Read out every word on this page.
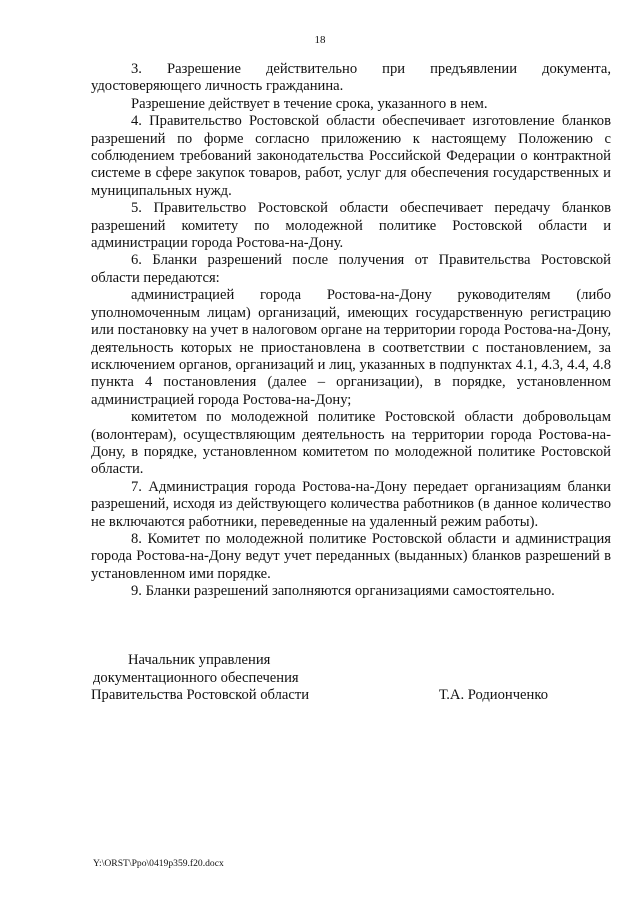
18

3. Разрешение действительно при предъявлении документа, удостоверяющего личность гражданина.

Разрешение действует в течение срока, указанного в нем.

4. Правительство Ростовской области обеспечивает изготовление бланков разрешений по форме согласно приложению к настоящему Положению с соблюдением требований законодательства Российской Федерации о контрактной системе в сфере закупок товаров, работ, услуг для обеспечения государственных и муниципальных нужд.

5. Правительство Ростовской области обеспечивает передачу бланков разрешений комитету по молодежной политике Ростовской области и администрации города Ростова-на-Дону.

6. Бланки разрешений после получения от Правительства Ростовской области передаются:

администрацией города Ростова-на-Дону руководителям (либо уполномоченным лицам) организаций, имеющих государственную регистрацию или постановку на учет в налоговом органе на территории города Ростова-на-Дону, деятельность которых не приостановлена в соответствии с постановлением, за исключением органов, организаций и лиц, указанных в подпунктах 4.1, 4.3, 4.4, 4.8 пункта 4 постановления (далее – организации), в порядке, установленном администрацией города Ростова-на-Дону;

комитетом по молодежной политике Ростовской области добровольцам (волонтерам), осуществляющим деятельность на территории города Ростова-на-Дону, в порядке, установленном комитетом по молодежной политике Ростовской области.

7. Администрация города Ростова-на-Дону передает организациям бланки разрешений, исходя из действующего количества работников (в данное количество не включаются работники, переведенные на удаленный режим работы).

8. Комитет по молодежной политике Ростовской области и администрация города Ростова-на-Дону ведут учет переданных (выданных) бланков разрешений в установленном ими порядке.

9. Бланки разрешений заполняются организациями самостоятельно.

Начальник управления
документационного обеспечения
Правительства Ростовской области	Т.А. Родионченко
Y:\ORST\Ppo\0419p359.f20.docx
